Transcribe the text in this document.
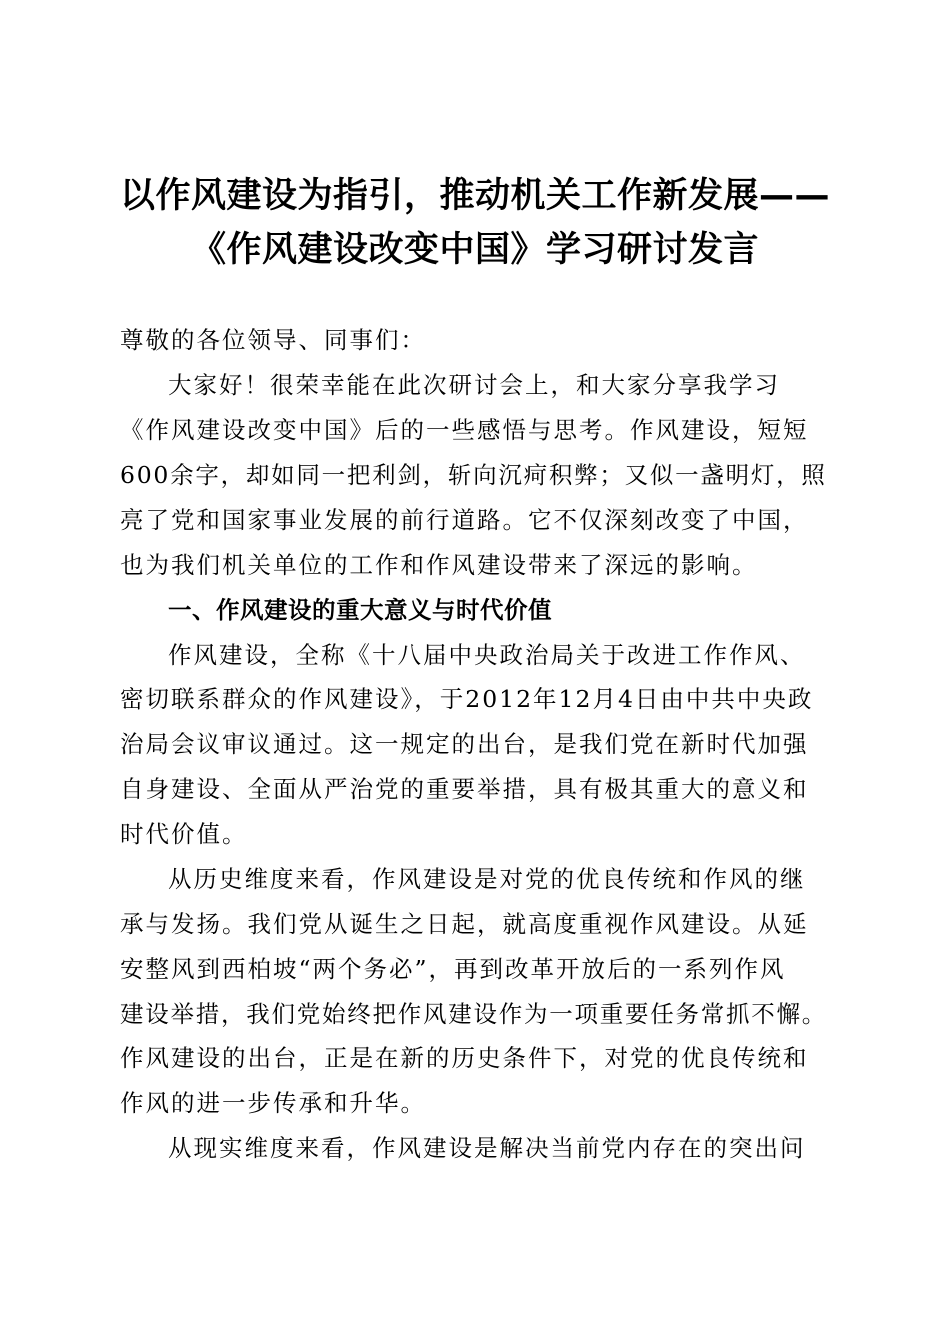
以作风建设为指引，推动机关工作新发展——
《作风建设改变中国》学习研讨发言
尊敬的各位领导、同事们：
大家好！很荣幸能在此次研讨会上，和大家分享我学习
《作风建设改变中国》后的一些感悟与思考。作风建设，短短
600余字，却如同一把利剑，斩向沉疴积弊；又似一盏明灯，照
亮了党和国家事业发展的前行道路。它不仅深刻改变了中国，
也为我们机关单位的工作和作风建设带来了深远的影响。
一、作风建设的重大意义与时代价值
作风建设，全称《十八届中央政治局关于改进工作作风、
密切联系群众的作风建设》，于2012年12月4日由中共中央政
治局会议审议通过。这一规定的出台，是我们党在新时代加强
自身建设、全面从严治党的重要举措，具有极其重大的意义和
时代价值。
从历史维度来看，作风建设是对党的优良传统和作风的继
承与发扬。我们党从诞生之日起，就高度重视作风建设。从延
安整风到西柏坡“两个务必”，再到改革开放后的一系列作风
建设举措，我们党始终把作风建设作为一项重要任务常抓不懈。
作风建设的出台，正是在新的历史条件下，对党的优良传统和
作风的进一步传承和升华。
从现实维度来看，作风建设是解决当前党内存在的突出问
